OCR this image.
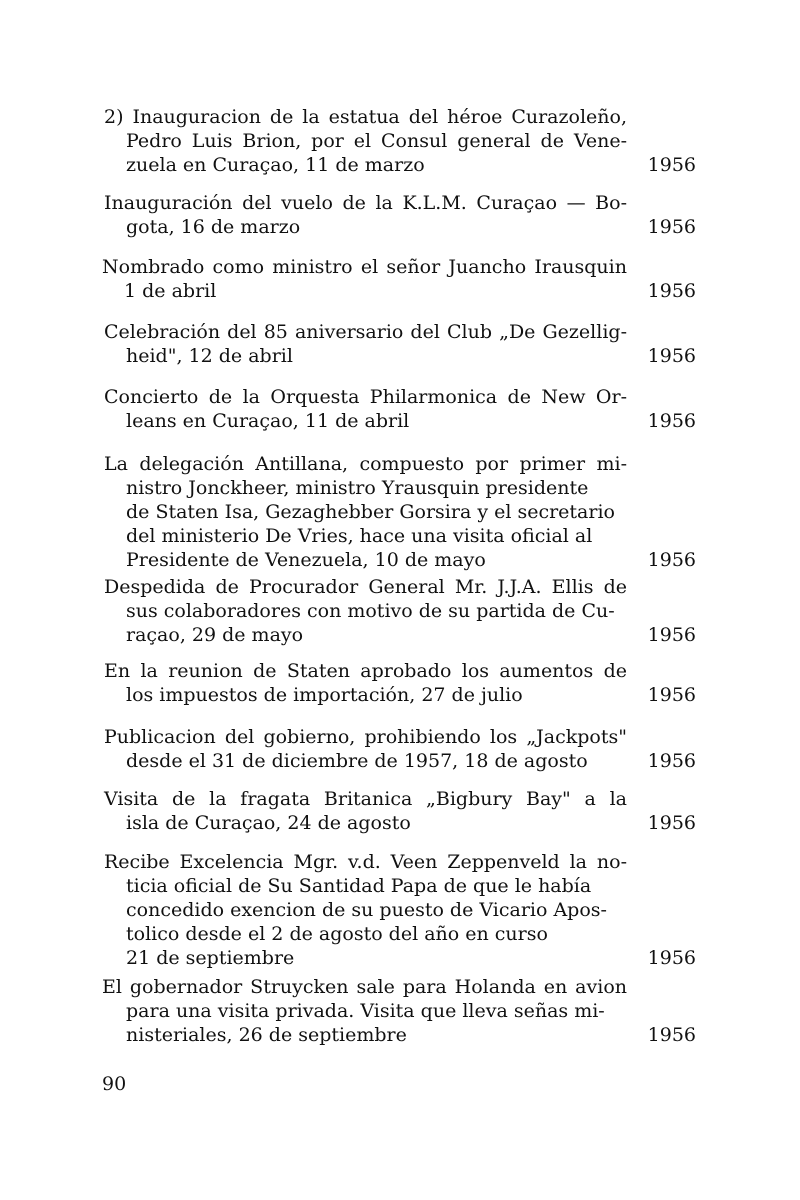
2) Inauguracion de la estatua del héroe Curazoleño,
Pedro Luis Brion, por el Consul general de Vene-
zuela en Curaçao, 11 de marzo	1956
Inauguración del vuelo de la K.L.M. Curaçao — Bo-
gota, 16 de marzo	1956
Nombrado como ministro el señor Juancho Irausquin
1 de abril	1956
Celebración del 85 aniversario del Club „De Gezellig-
heid", 12 de abril	1956
Concierto de la Orquesta Philarmonica de New Or-
leans en Curaçao, 11 de abril	1956
La delegación Antillana, compuesto por primer mi-
nistro Jonckheer, ministro Yrausquin presidente
de Staten Isa, Gezaghebber Gorsira y el secretario
del ministerio De Vries, hace una visita oficial al
Presidente de Venezuela, 10 de mayo	1956
Despedida de Procurador General Mr. J.J.A. Ellis de
sus colaboradores con motivo de su partida de Cu-
raçao, 29 de mayo	1956
En la reunion de Staten aprobado los aumentos de
los impuestos de importación, 27 de julio	1956
Publicacion del gobierno, prohibiendo los „Jackpots"
desde el 31 de diciembre de 1957, 18 de agosto	1956
Visita de la fragata Britanica „Bigbury Bay" a la
isla de Curaçao, 24 de agosto	1956
Recibe Excelencia Mgr. v.d. Veen Zeppenveld la no-
ticia oficial de Su Santidad Papa de que le había
concedido exencion de su puesto de Vicario Apos-
tolico desde el 2 de agosto del año en curso
21 de septiembre	1956
El gobernador Struycken sale para Holanda en avion
para una visita privada. Visita que lleva señas mi-
nisteriales, 26 de septiembre	1956
90
